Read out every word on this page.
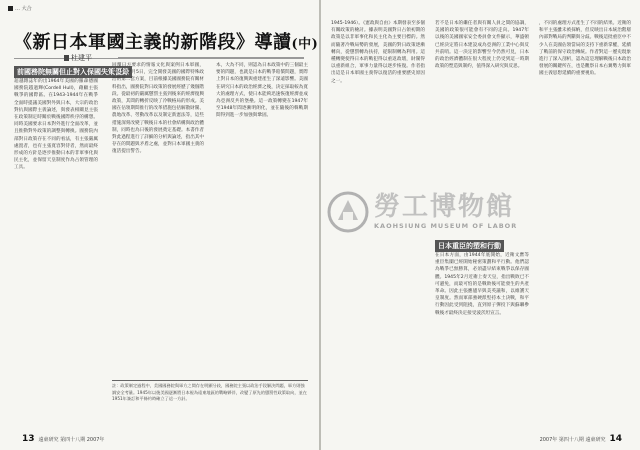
… 大合
《新日本軍國主義的新階段》導讀(中)
杜建平
前國務院無關但止對入保國失策優錄

超越雜誌年的出1964年美國的羅森德國國務院越過輝(Cordell Hull)，藉顧主張戰爭的國際區。在1943-1944年在戰爭全面時提議美國對外與日本，大宗的政治對抗與國際主義論述，與發表相關見主張在政策制定時關於戰後國際秩序的構想。同時美國要求日本對外進行全面改革，並且推動對外政策的調整與轉換。國務院內部對日政策存在不同的看法，有主張嚴厲處置者，也有主張寬容對待者，然而最終形成的方針是逐步推動日本的非軍事化與民主化，並保留天皇制度作為占領管理的工具。

回覆日方要求的情報文化與案例日本軍國，1945年7月5日，完全開發美國的國際特殊政治的第二套方案，目前根據美國國務院有關材料指出，國務院對日政策的發展經歷了幾個階段。從最初的嚴厲懲罰主張到後來的經濟復興政策，其間的轉折反映了冷戰格局的形成。美國在佔領期間推行的改革措施包括解散財閥、農地改革、勞動改革以及制定新憲法等，這些措施深刻改變了戰後日本的社會結構與政治體制，同時也為日後的發展奠定基礎。本書作者對此過程進行了詳細的分析與論述，指出其中存在的問題與矛盾之處，並對日本軍國主義的復活提出警告。

本，大為不同，則認為日本政策中的三個最主要的問題，也就是日本的戰爭賠償問題，實際上對日本的復興與重建產生了深遠影響。美國在研究日本的政治經濟之後，決定採取較為寬大的處理方式，使日本能夠迅速恢復經濟並成為亞洲反共的堡壘。這一政策轉變在1947年至1948年間逐漸明朗化，並在隨後的韓戰期間得到進一步加強與鞏固。

註：政策制定過程中，美國國務院與軍方之間存在明顯分歧，國務院主張以政治手段解決問題，軍方則強調安全考量。1945年以後美國逐漸將日本視為遠東地區的戰略夥伴，改變了原先的懲罰性政策取向，並在1951年簽訂和平條約時確立了這一方針。
13 遠東研究 第四十八期 2007年

1945-1946）。《憲政與自由》本期發表至多個有關政策的檢討。據表明美國對日占領初期的政策是以非軍事化和民主化為主要目標的。然而隨著冷戰局勢的發展，美國的對日政策逐漸轉向，從懲罰轉為扶持，從限制轉為利用。這種轉變使得日本的戰犯得以重返政壇，財閥得以重新組合，軍事力量得以逐步恢復。作者指出這是日本軍國主義得以復活的重要歷史原因之一。

若不是日本的繼任者與有關人員之間的協調，美國的政策很可能會有不同的走向。1947年以後的美國國家安全委員會文件顯示，華盛頓已經決定將日本建設成為亞洲的工業中心與反共前哨。這一決定的影響至今仍然可見，日本的政治經濟體制在很大程度上仍受到這一時期政策的塑造與制約，值得深入研究與反思。

日本重臣的塑和行動

在日本方面，由1944年底開始，近衛文麿等重臣集團已經開始秘密策劃和平行動。他們認為戰爭已無勝算，必須盡早結束戰爭以保存國體。1945年2月近衛上奏天皇，指出戰敗已不可避免，而最可怕的是戰敗後可能發生的共產革命。因此主張應儘早與美英議和，以維護天皇制度。然而軍部強硬派堅持本土決戰，和平行動因此受到阻撓，直到原子彈投下與蘇聯參戰後才最終決定接受波茨坦宣言。

，不同的處理方式產生了不同的結果。近衛的和平主張雖未被採納，但反映出日本統治階層內部對戰局的判斷與分歧。戰後這批重臣中不少人在美國佔領當局的支持下重新掌權，延續了戰前的保守政治傳統。作者對這一歷史現象進行了深入剖析，認為這是理解戰後日本政治發展的關鍵所在，也是觀察日本右翼勢力與軍國主義思想延續的重要視角。

2007年 第四十八期 遠東研究 14
勞工博物館
KAOHSIUNG MUSEUM OF LABOR
